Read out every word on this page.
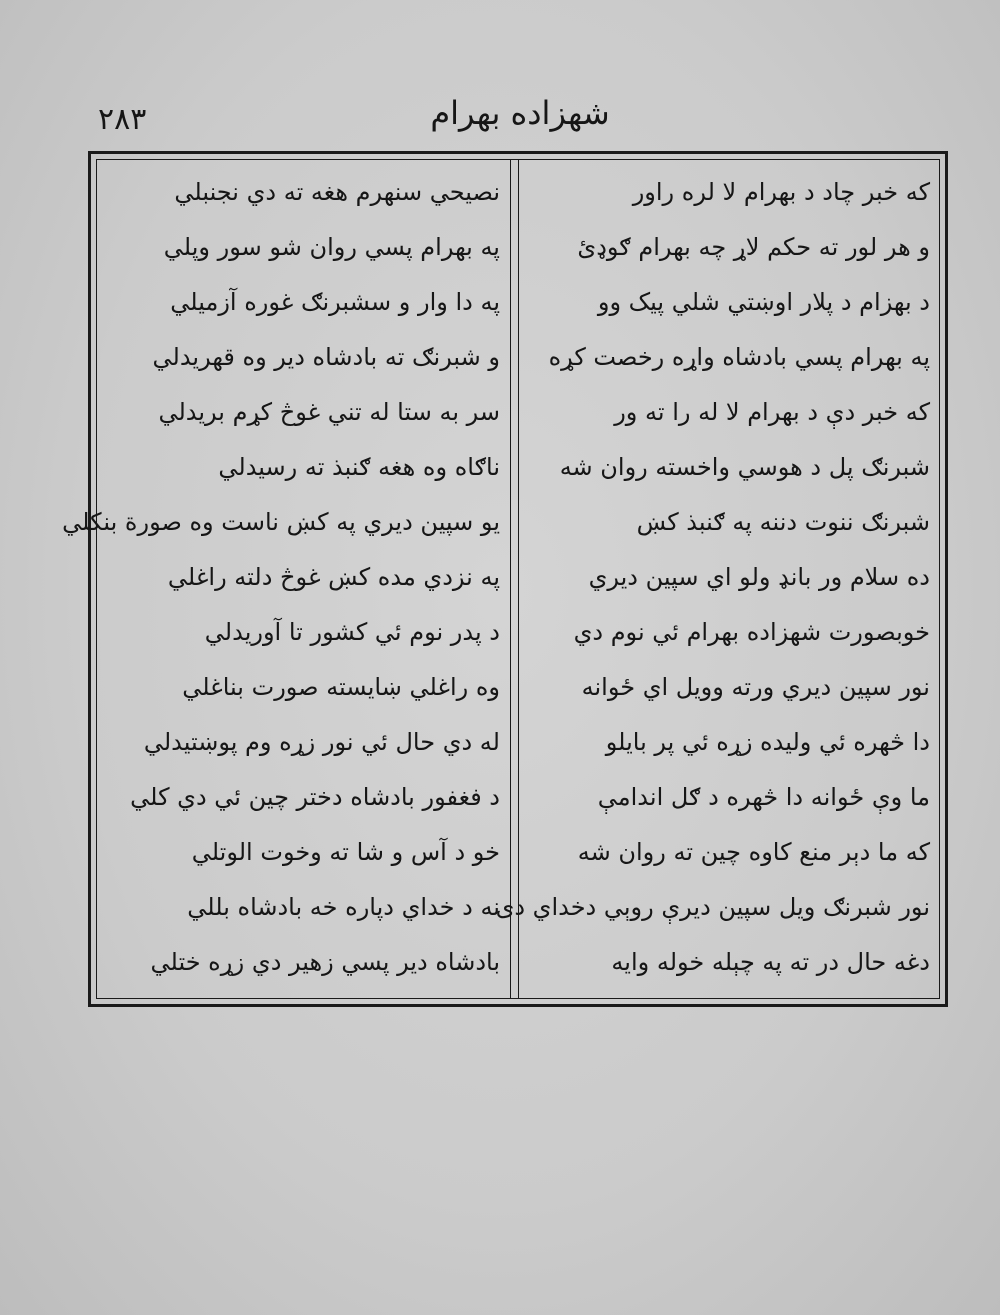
٢٨٣	شهزاده بهرام
که خبر چاد د بهرام لا لره راور
و هر لور ته حکم لاړ چه بهرام ګوډئ
د بهزام د پلار اوښتي شلي پیک وو
په بهرام پسي بادشاه واړه رخصت کړه
که خبر دې د بهرام لا له را ته ور
شبرنګ پل د هوسي واخسته روان شه
شبرنګ ننوت دننه په ګنبذ کښ
ده سلام ور بانډ ولو اي سپین دیري
خوبصورت شهزاده بهرام ئي نوم دي
نور سپین دیري ورته وویل اي ځوانه
دا څهره ئي ولیده زړه ئي پر بایلو
ما وې ځوانه دا څهره د ګل اندامې
که ما دېر منع کاوه چین ته روان شه
نور شبرنګ ویل سپین دیرې روېي دخداي دی
دغه حال در ته په چېله خوله وایه
نصیحي سنهرم هغه ته دي نجنبلي
په بهرام پسي روان شو سور وپلي
په دا وار و سشبرنګ غوره آزمیلي
و شبرنګ ته بادشاه دیر وه قهریدلي
سر به ستا له تني غوڅ کړم بریدلي
ناګاه وه هغه ګنبذ ته رسیدلي
یو سپین دیري په کښ ناست وه صورة بنکلي
په نزدي مده کښ غوڅ دلته راغلي
د پدر نوم ئي کشور تا آوریدلي
وه راغلي ښایسته صورت بناغلي
له دي حال ئي نور زړه وم پوښتیدلي
د فغفور بادشاه دختر چین ئي دي کلي
خو د آس و شا ته وخوت الوتلي
نه د خداي دپاره خه بادشاه بللي
بادشاه دیر پسي زهیر دي زړه ختلي
